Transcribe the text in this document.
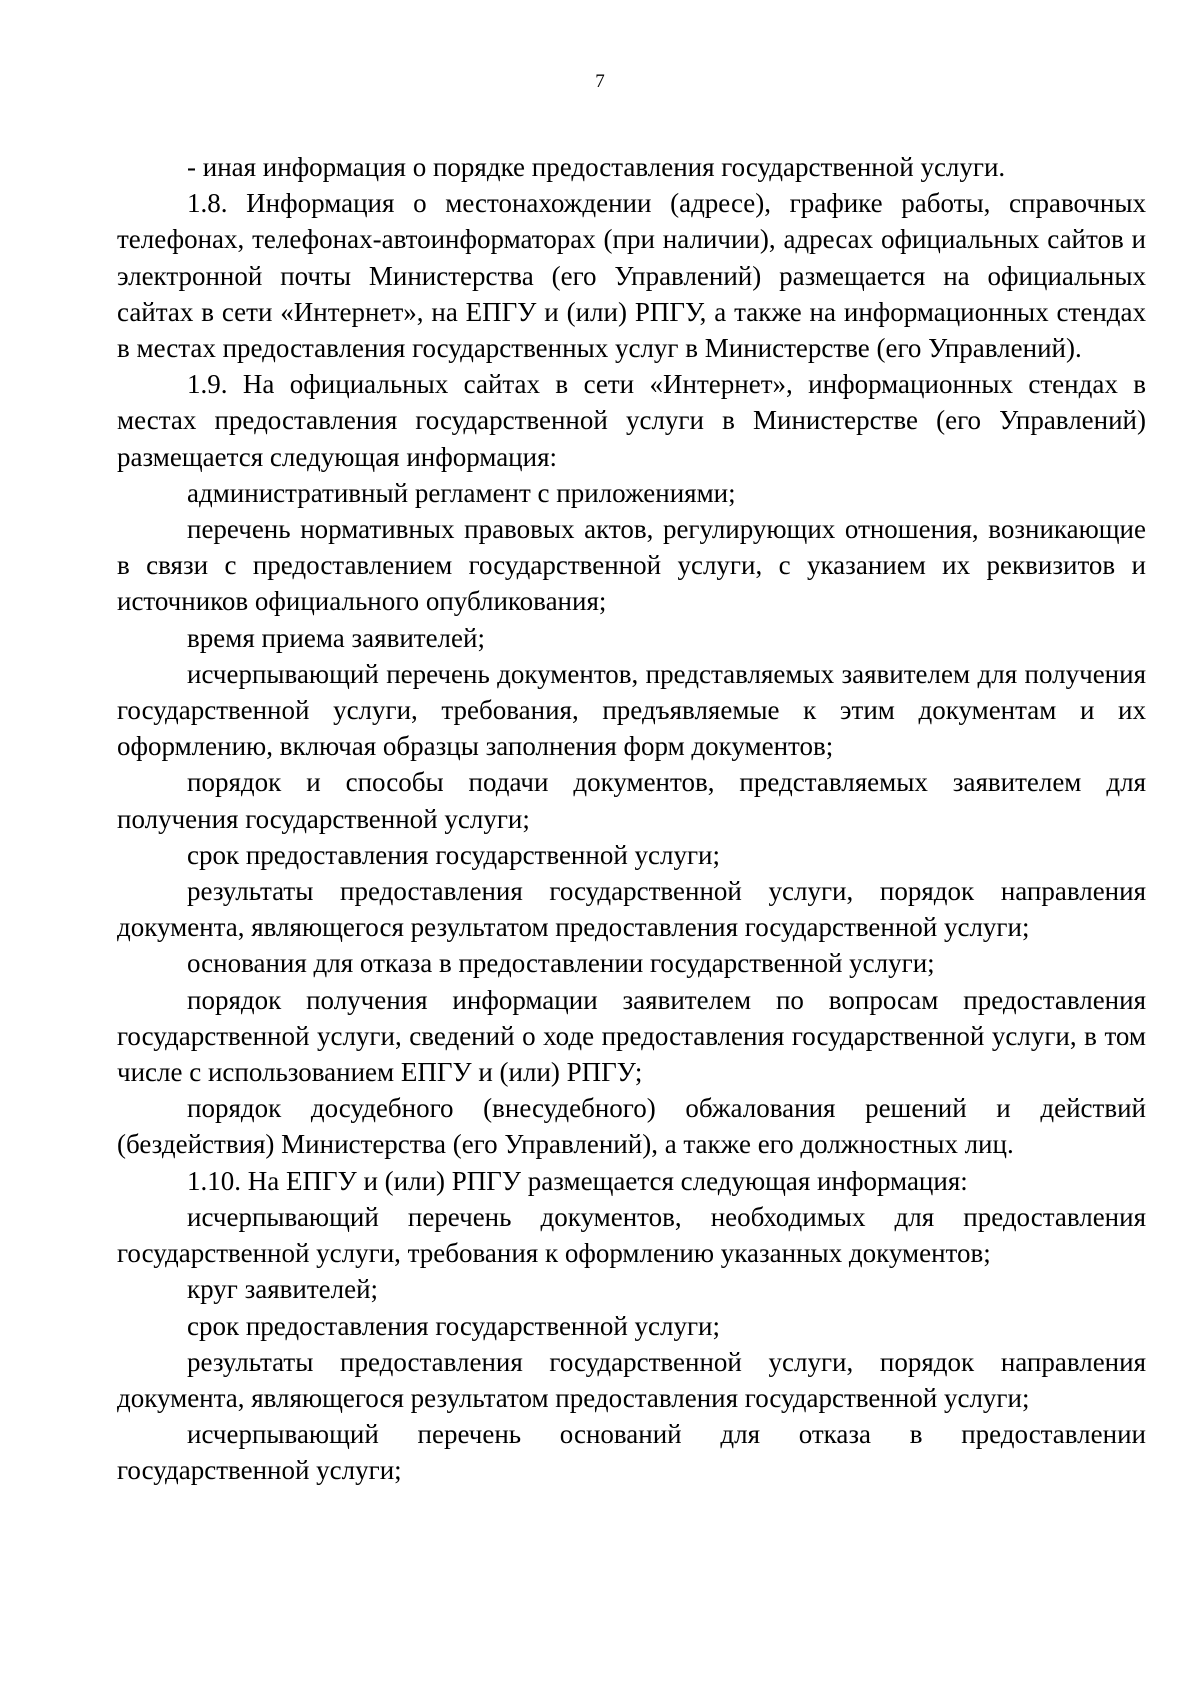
7

- иная информация о порядке предоставления государственной услуги.

1.8. Информация о местонахождении (адресе), графике работы, справочных телефонах, телефонах-автоинформаторах (при наличии), адресах официальных сайтов и электронной почты Министерства (его Управлений) размещается на официальных сайтах в сети «Интернет», на ЕПГУ и (или) РПГУ, а также на информационных стендах в местах предоставления государственных услуг в Министерстве (его Управлений).

1.9. На официальных сайтах в сети «Интернет», информационных стендах в местах предоставления государственной услуги в Министерстве (его Управлений) размещается следующая информация:

административный регламент с приложениями;

перечень нормативных правовых актов, регулирующих отношения, возникающие в связи с предоставлением государственной услуги, с указанием их реквизитов и источников официального опубликования;

время приема заявителей;

исчерпывающий перечень документов, представляемых заявителем для получения государственной услуги, требования, предъявляемые к этим документам и их оформлению, включая образцы заполнения форм документов;

порядок и способы подачи документов, представляемых заявителем для получения государственной услуги;

срок предоставления государственной услуги;

результаты предоставления государственной услуги, порядок направления документа, являющегося результатом предоставления государственной услуги;

основания для отказа в предоставлении государственной услуги;

порядок получения информации заявителем по вопросам предоставления государственной услуги, сведений о ходе предоставления государственной услуги, в том числе с использованием ЕПГУ и (или) РПГУ;

порядок досудебного (внесудебного) обжалования решений и действий (бездействия) Министерства (его Управлений), а также его должностных лиц.

1.10. На ЕПГУ и (или) РПГУ размещается следующая информация:

исчерпывающий перечень документов, необходимых для предоставления государственной услуги, требования к оформлению указанных документов;

круг заявителей;

срок предоставления государственной услуги;

результаты предоставления государственной услуги, порядок направления документа, являющегося результатом предоставления государственной услуги;

исчерпывающий перечень оснований для отказа в предоставлении государственной услуги;
